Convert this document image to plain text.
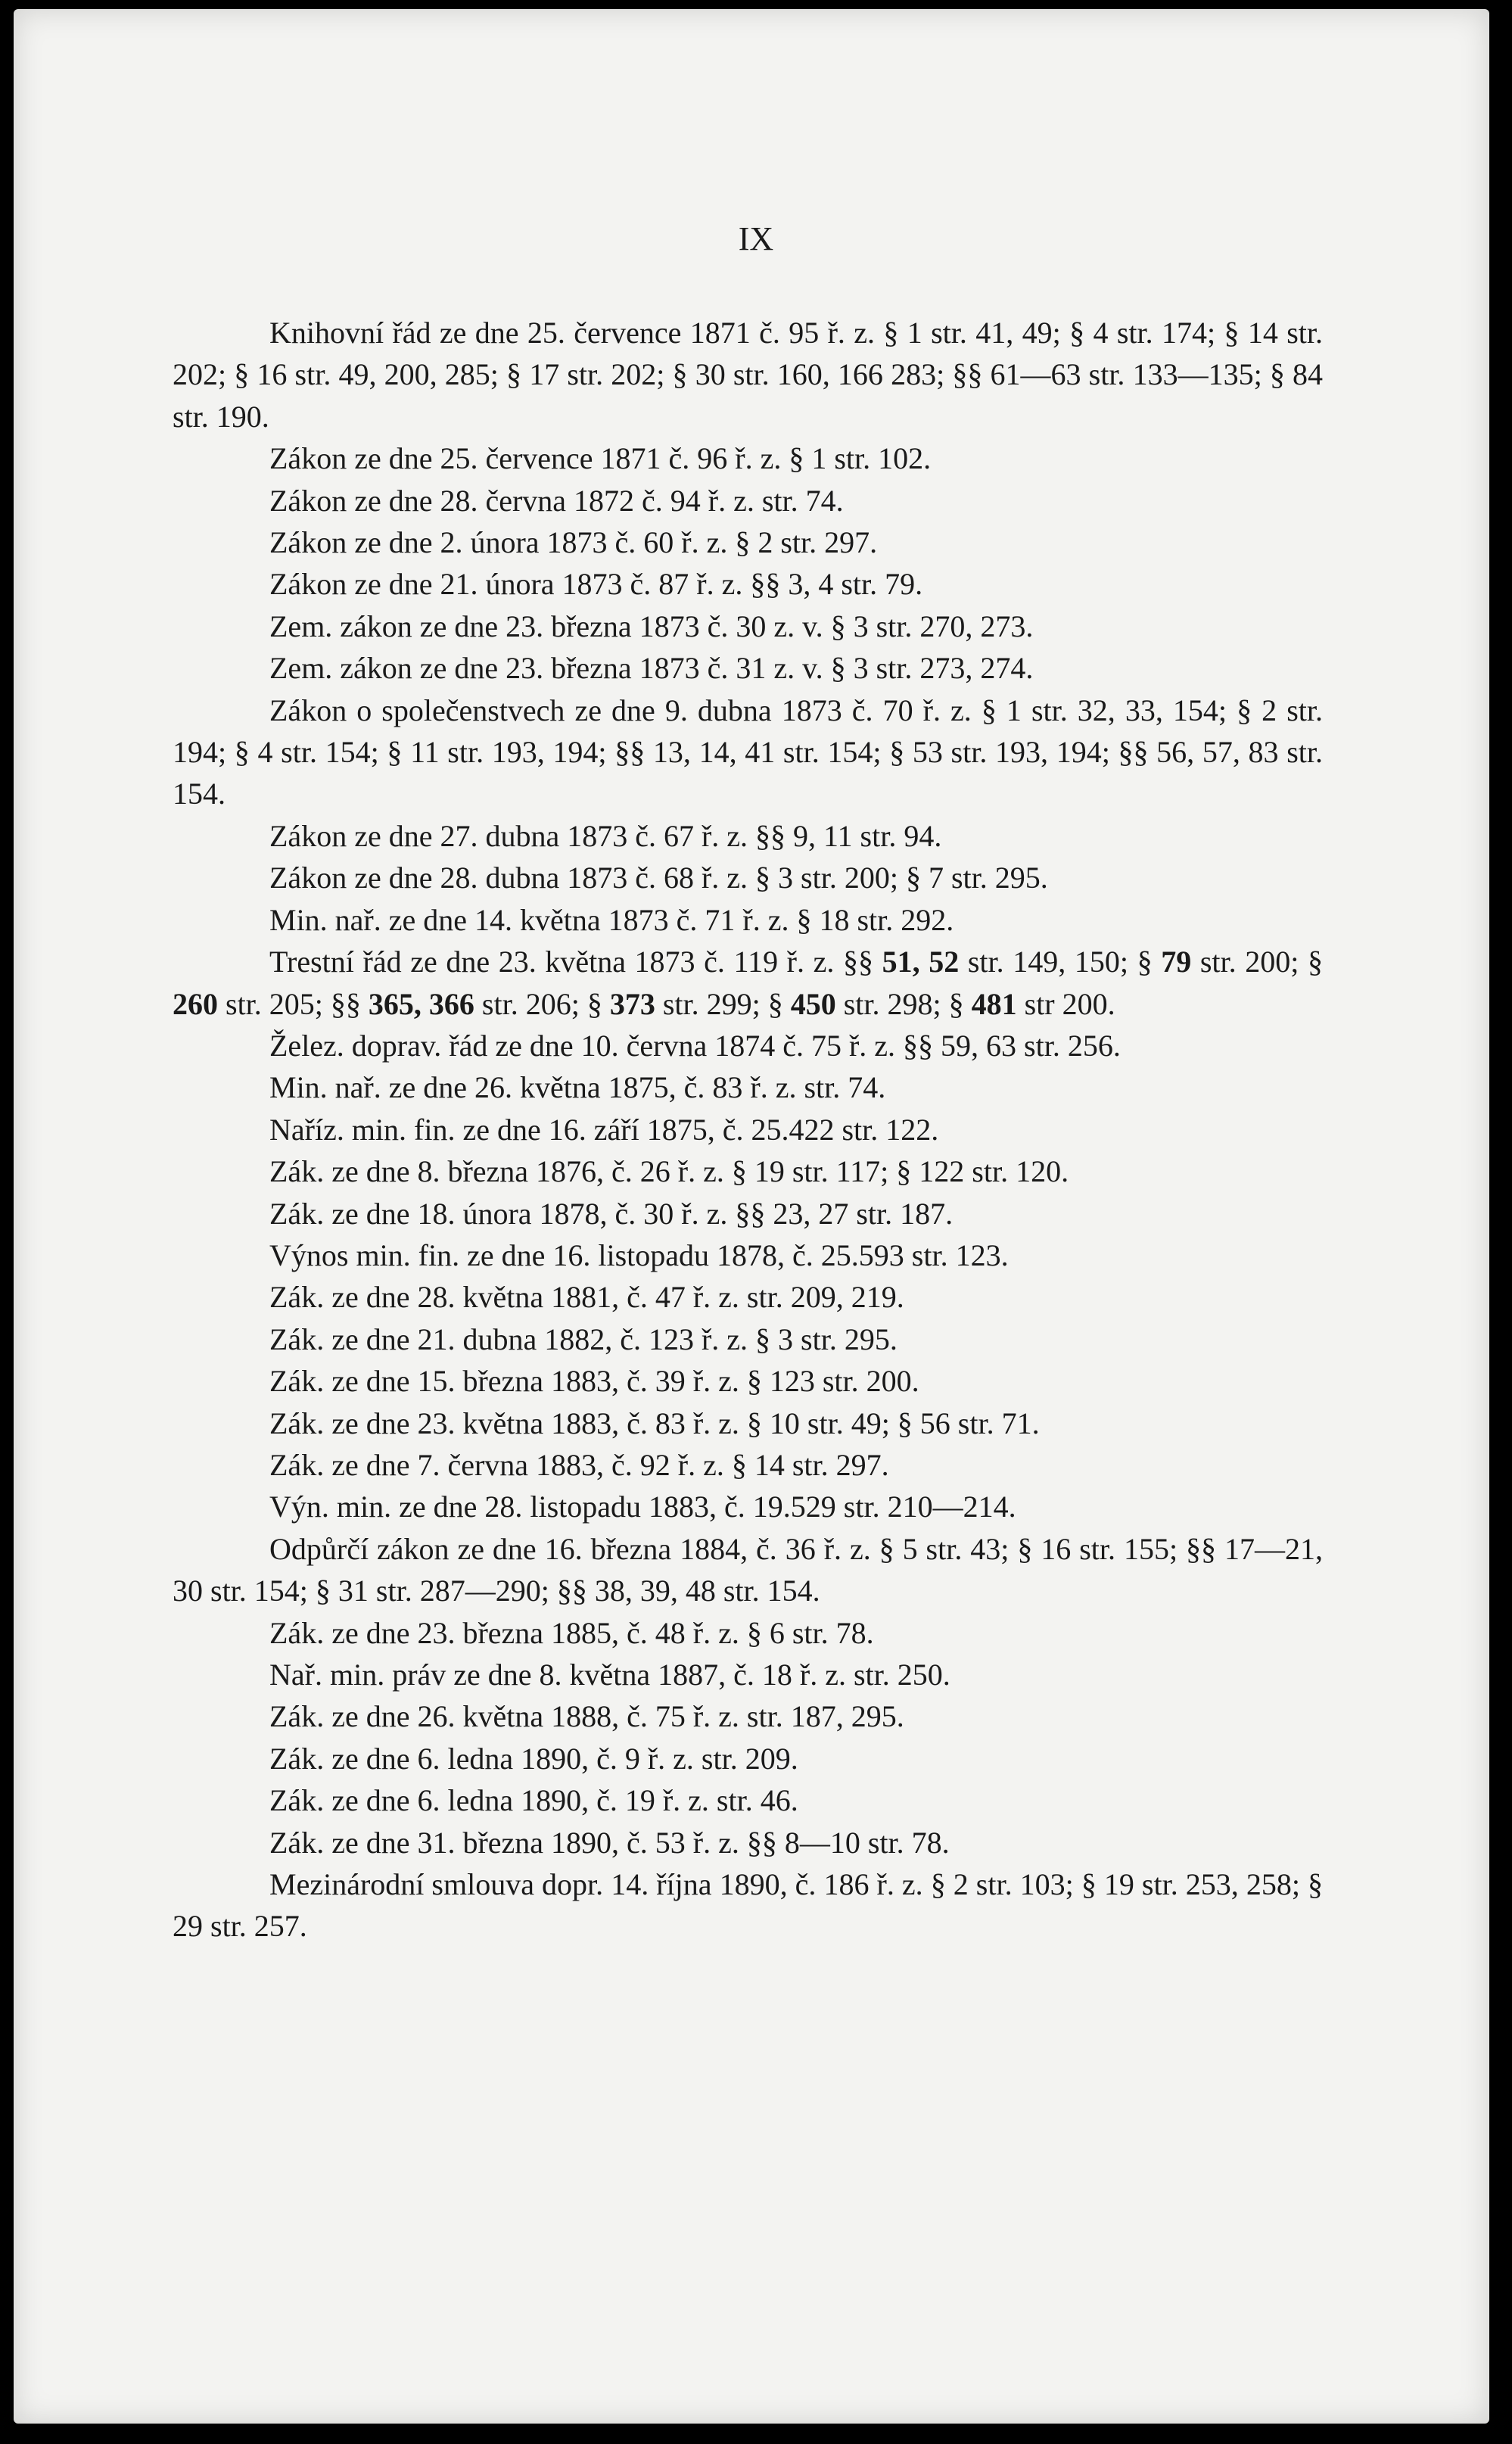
IX

Knihovní řád ze dne 25. července 1871 č. 95 ř. z. § 1 str. 41, 49; § 4 str. 174; § 14 str. 202; § 16 str. 49, 200, 285; § 17 str. 202; § 30 str. 160, 166 283; §§ 61—63 str. 133—135; § 84 str. 190.

Zákon ze dne 25. července 1871 č. 96 ř. z. § 1 str. 102.

Zákon ze dne 28. června 1872 č. 94 ř. z. str. 74.

Zákon ze dne 2. února 1873 č. 60 ř. z. § 2 str. 297.

Zákon ze dne 21. února 1873 č. 87 ř. z. §§ 3, 4 str. 79.

Zem. zákon ze dne 23. března 1873 č. 30 z. v. § 3 str. 270, 273.

Zem. zákon ze dne 23. března 1873 č. 31 z. v. § 3 str. 273, 274.

Zákon o společenstvech ze dne 9. dubna 1873 č. 70 ř. z. § 1 str. 32, 33, 154; § 2 str. 194; § 4 str. 154; § 11 str. 193, 194; §§ 13, 14, 41 str. 154; § 53 str. 193, 194; §§ 56, 57, 83 str. 154.

Zákon ze dne 27. dubna 1873 č. 67 ř. z. §§ 9, 11 str. 94.

Zákon ze dne 28. dubna 1873 č. 68 ř. z. § 3 str. 200; § 7 str. 295.

Min. nař. ze dne 14. května 1873 č. 71 ř. z. § 18 str. 292.

Trestní řád ze dne 23. května 1873 č. 119 ř. z. §§ 51, 52 str. 149, 150; § 79 str. 200; § 260 str. 205; §§ 365, 366 str. 206; § 373 str. 299; § 450 str. 298; § 481 str 200.

Želez. doprav. řád ze dne 10. června 1874 č. 75 ř. z. §§ 59, 63 str. 256.

Min. nař. ze dne 26. května 1875, č. 83 ř. z. str. 74.

Naříz. min. fin. ze dne 16. září 1875, č. 25.422 str. 122.

Zák. ze dne 8. března 1876, č. 26 ř. z. § 19 str. 117; § 122 str. 120.

Zák. ze dne 18. února 1878, č. 30 ř. z. §§ 23, 27 str. 187.

Výnos min. fin. ze dne 16. listopadu 1878, č. 25.593 str. 123.

Zák. ze dne 28. května 1881, č. 47 ř. z. str. 209, 219.

Zák. ze dne 21. dubna 1882, č. 123 ř. z. § 3 str. 295.

Zák. ze dne 15. března 1883, č. 39 ř. z. § 123 str. 200.

Zák. ze dne 23. května 1883, č. 83 ř. z. § 10 str. 49; § 56 str. 71.

Zák. ze dne 7. června 1883, č. 92 ř. z. § 14 str. 297.

Výn. min. ze dne 28. listopadu 1883, č. 19.529 str. 210—214.

Odpůrčí zákon ze dne 16. března 1884, č. 36 ř. z. § 5 str. 43; § 16 str. 155; §§ 17—21, 30 str. 154; § 31 str. 287—290; §§ 38, 39, 48 str. 154.

Zák. ze dne 23. března 1885, č. 48 ř. z. § 6 str. 78.

Nař. min. práv ze dne 8. května 1887, č. 18 ř. z. str. 250.

Zák. ze dne 26. května 1888, č. 75 ř. z. str. 187, 295.

Zák. ze dne 6. ledna 1890, č. 9 ř. z. str. 209.

Zák. ze dne 6. ledna 1890, č. 19 ř. z. str. 46.

Zák. ze dne 31. března 1890, č. 53 ř. z. §§ 8—10 str. 78.

Mezinárodní smlouva dopr. 14. října 1890, č. 186 ř. z. § 2 str. 103; § 19 str. 253, 258; § 29 str. 257.
